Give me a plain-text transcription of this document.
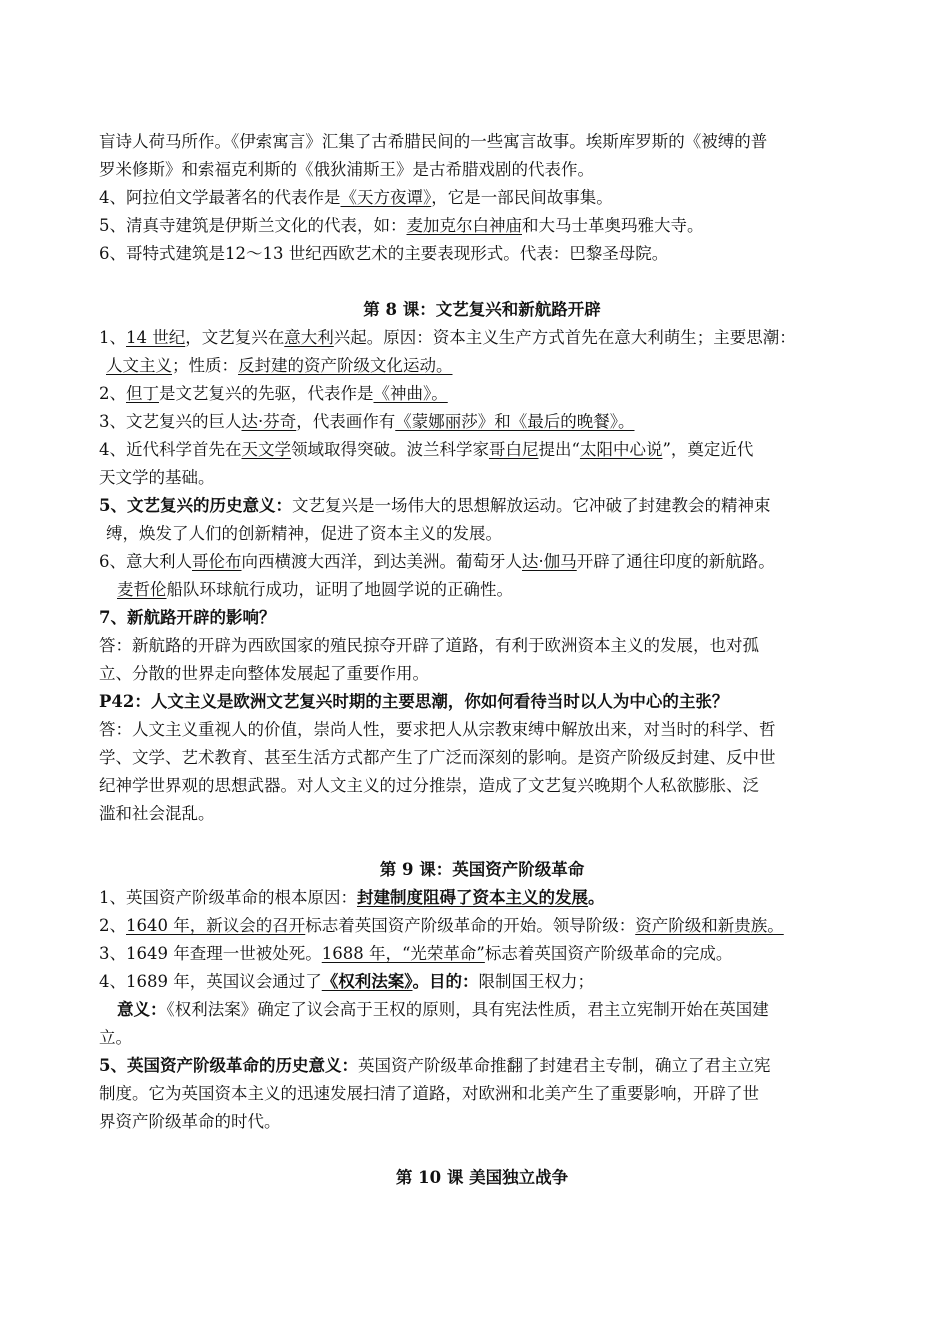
盲诗人荷马所作。《伊索寓言》汇集了古希腊民间的一些寓言故事。埃斯库罗斯的《被缚的普
罗米修斯》和索福克利斯的《俄狄浦斯王》是古希腊戏剧的代表作。
4、阿拉伯文学最著名的代表作是《天方夜谭》，它是一部民间故事集。
5、清真寺建筑是伊斯兰文化的代表，如：麦加克尔白神庙和大马士革奥玛雅大寺。
6、哥特式建筑是12～13 世纪西欧艺术的主要表现形式。代表：巴黎圣母院。
第 8 课：文艺复兴和新航路开辟
1、14 世纪，文艺复兴在意大利兴起。原因：资本主义生产方式首先在意大利萌生；主要思潮：
人文主义；性质：反封建的资产阶级文化运动。
2、但丁是文艺复兴的先驱，代表作是《神曲》。
3、文艺复兴的巨人达·芬奇，代表画作有《蒙娜丽莎》和《最后的晚餐》。
4、近代科学首先在天文学领域取得突破。波兰科学家哥白尼提出“太阳中心说”，奠定近代
天文学的基础。
5、文艺复兴的历史意义：文艺复兴是一场伟大的思想解放运动。它冲破了封建教会的精神束
缚，焕发了人们的创新精神，促进了资本主义的发展。
6、意大利人哥伦布向西横渡大西洋，到达美洲。葡萄牙人达·伽马开辟了通往印度的新航路。
麦哲伦船队环球航行成功，证明了地圆学说的正确性。
7、新航路开辟的影响？
答：新航路的开辟为西欧国家的殖民掠夺开辟了道路，有利于欧洲资本主义的发展，也对孤
立、分散的世界走向整体发展起了重要作用。
P42：人文主义是欧洲文艺复兴时期的主要思潮，你如何看待当时以人为中心的主张？
答：人文主义重视人的价值，崇尚人性，要求把人从宗教束缚中解放出来，对当时的科学、哲
学、文学、艺术教育、甚至生活方式都产生了广泛而深刻的影响。是资产阶级反封建、反中世
纪神学世界观的思想武器。对人文主义的过分推崇，造成了文艺复兴晚期个人私欲膨胀、泛
滥和社会混乱。
第 9 课：英国资产阶级革命
1、英国资产阶级革命的根本原因：封建制度阻碍了资本主义的发展。
2、1640 年，新议会的召开标志着英国资产阶级革命的开始。领导阶级：资产阶级和新贵族。
3、1649 年查理一世被处死。1688 年，“光荣革命”标志着英国资产阶级革命的完成。
4、1689 年，英国议会通过了《权利法案》。目的：限制国王权力；
意义：《权利法案》确定了议会高于王权的原则，具有宪法性质，君主立宪制开始在英国建
立。
5、英国资产阶级革命的历史意义：英国资产阶级革命推翻了封建君主专制，确立了君主立宪
制度。它为英国资本主义的迅速发展扫清了道路，对欧洲和北美产生了重要影响，开辟了世
界资产阶级革命的时代。
第 10 课 美国独立战争
